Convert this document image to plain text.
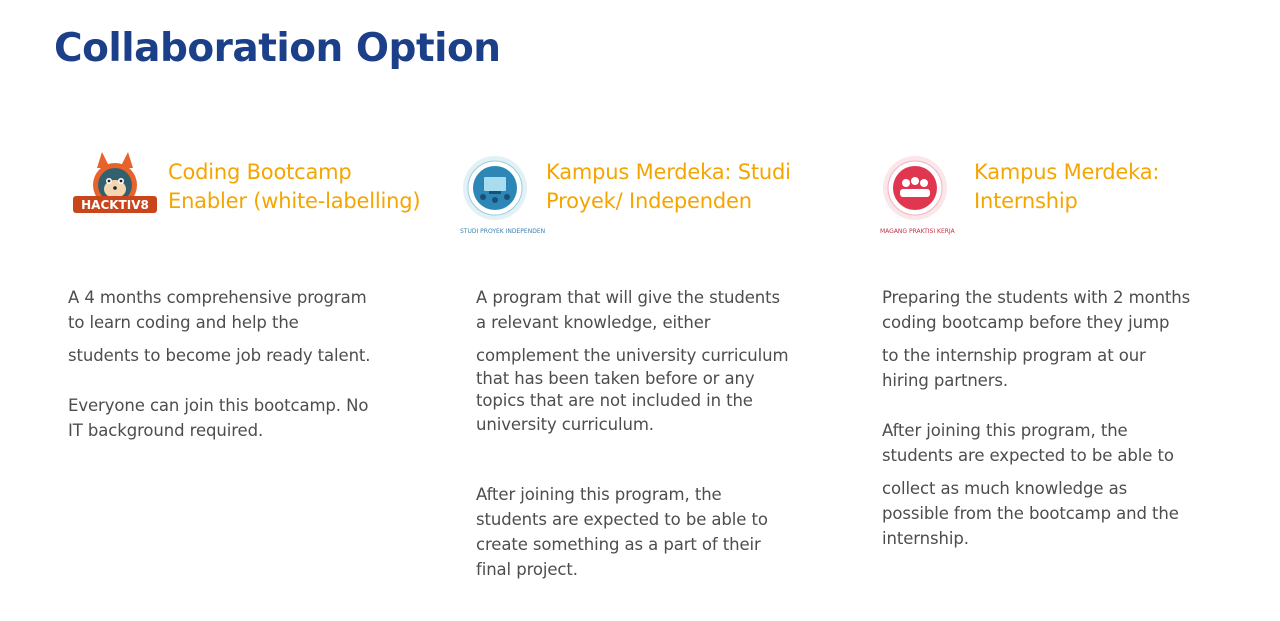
Collaboration Option
HACKTIV8
Coding Bootcamp
Enabler (white-labelling)

A 4 months comprehensive program

to learn coding and help the

students to become job ready talent.

Everyone can join this bootcamp. No

IT background required.

STUDI PROYEK INDEPENDEN
Kampus Merdeka: Studi
Proyek/ Independen

A program that will give the students

a relevant knowledge, either

complement the university curriculum

that has been taken before or any

topics that are not included in the

university curriculum.

After joining this program, the

students are expected to be able to

create something as a part of their

final project.

MAGANG PRAKTISI KERJA
Kampus Merdeka:
Internship

Preparing the students with 2 months

coding bootcamp before they jump

to the internship program at our

hiring partners.

After joining this program, the

students are expected to be able to

collect as much knowledge as

possible from the bootcamp and the

internship.
